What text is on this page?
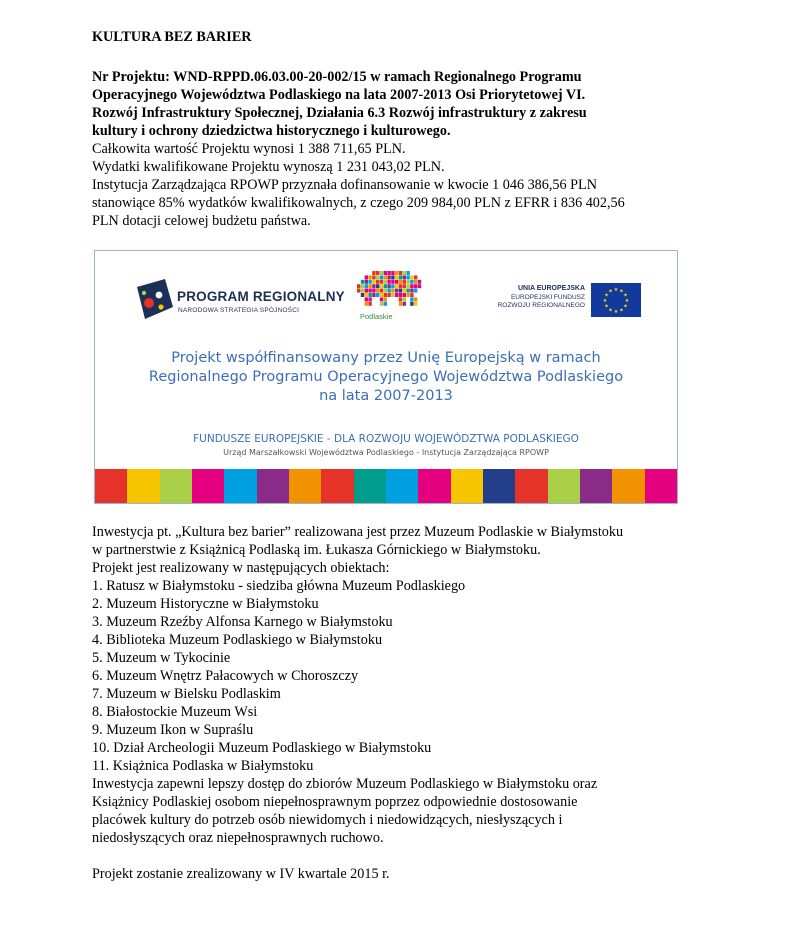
KULTURA BEZ BARIER

Nr Projektu: WND-RPPD.06.03.00-20-002/15 w ramach Regionalnego Programu
Operacyjnego Województwa Podlaskiego na lata 2007-2013 Osi Priorytetowej VI.
Rozwój Infrastruktury Społecznej, Działania 6.3 Rozwój infrastruktury z zakresu
kultury i ochrony dziedzictwa historycznego i kulturowego.
Całkowita wartość Projektu wynosi 1 388 711,65 PLN.
Wydatki kwalifikowane Projektu wynoszą 1 231 043,02 PLN.
Instytucja Zarządzająca RPOWP przyznała dofinansowanie w kwocie 1 046 386,56 PLN
stanowiące 85% wydatków kwalifikowalnych, z czego 209 984,00 PLN z EFRR i 836 402,56
PLN dotacji celowej budżetu państwa.
PROGRAM REGIONALNY
NARODOWA STRATEGIA SPÓJNOŚCI
Podlaskie
UNIA EUROPEJSKA
EUROPEJSKI FUNDUSZ
ROZWOJU REGIONALNEGO
★
★
★
★
★
★
★
★
★ ★ ★
★
Projekt współfinansowany przez Unię Europejską w ramach
Regionalnego Programu Operacyjnego Województwa Podlaskiego
na lata 2007-2013
FUNDUSZE EUROPEJSKIE - DLA ROZWOJU WOJEWÓDZTWA PODLASKIEGO
Urząd Marszałkowski Województwa Podlaskiego - Instytucja Zarządzająca RPOWP
Inwestycja pt. „Kultura bez barier” realizowana jest przez Muzeum Podlaskie w Białymstoku
w partnerstwie z Książnicą Podlaską im. Łukasza Górnickiego w Białymstoku.
Projekt jest realizowany w następujących obiektach:
1. Ratusz w Białymstoku - siedziba główna Muzeum Podlaskiego
2. Muzeum Historyczne w Białymstoku
3. Muzeum Rzeźby Alfonsa Karnego w Białymstoku
4. Biblioteka Muzeum Podlaskiego w Białymstoku
5. Muzeum w Tykocinie
6. Muzeum Wnętrz Pałacowych w Choroszczy
7. Muzeum w Bielsku Podlaskim
8. Białostockie Muzeum Wsi
9. Muzeum Ikon w Supraślu
10. Dział Archeologii Muzeum Podlaskiego w Białymstoku
11. Książnica Podlaska w Białymstoku
Inwestycja zapewni lepszy dostęp do zbiorów Muzeum Podlaskiego w Białymstoku oraz
Książnicy Podlaskiej osobom niepełnosprawnym poprzez odpowiednie dostosowanie
placówek kultury do potrzeb osób niewidomych i niedowidzących, niesłyszących i
niedosłyszących oraz niepełnosprawnych ruchowo.
Projekt zostanie zrealizowany w IV kwartale 2015 r.
